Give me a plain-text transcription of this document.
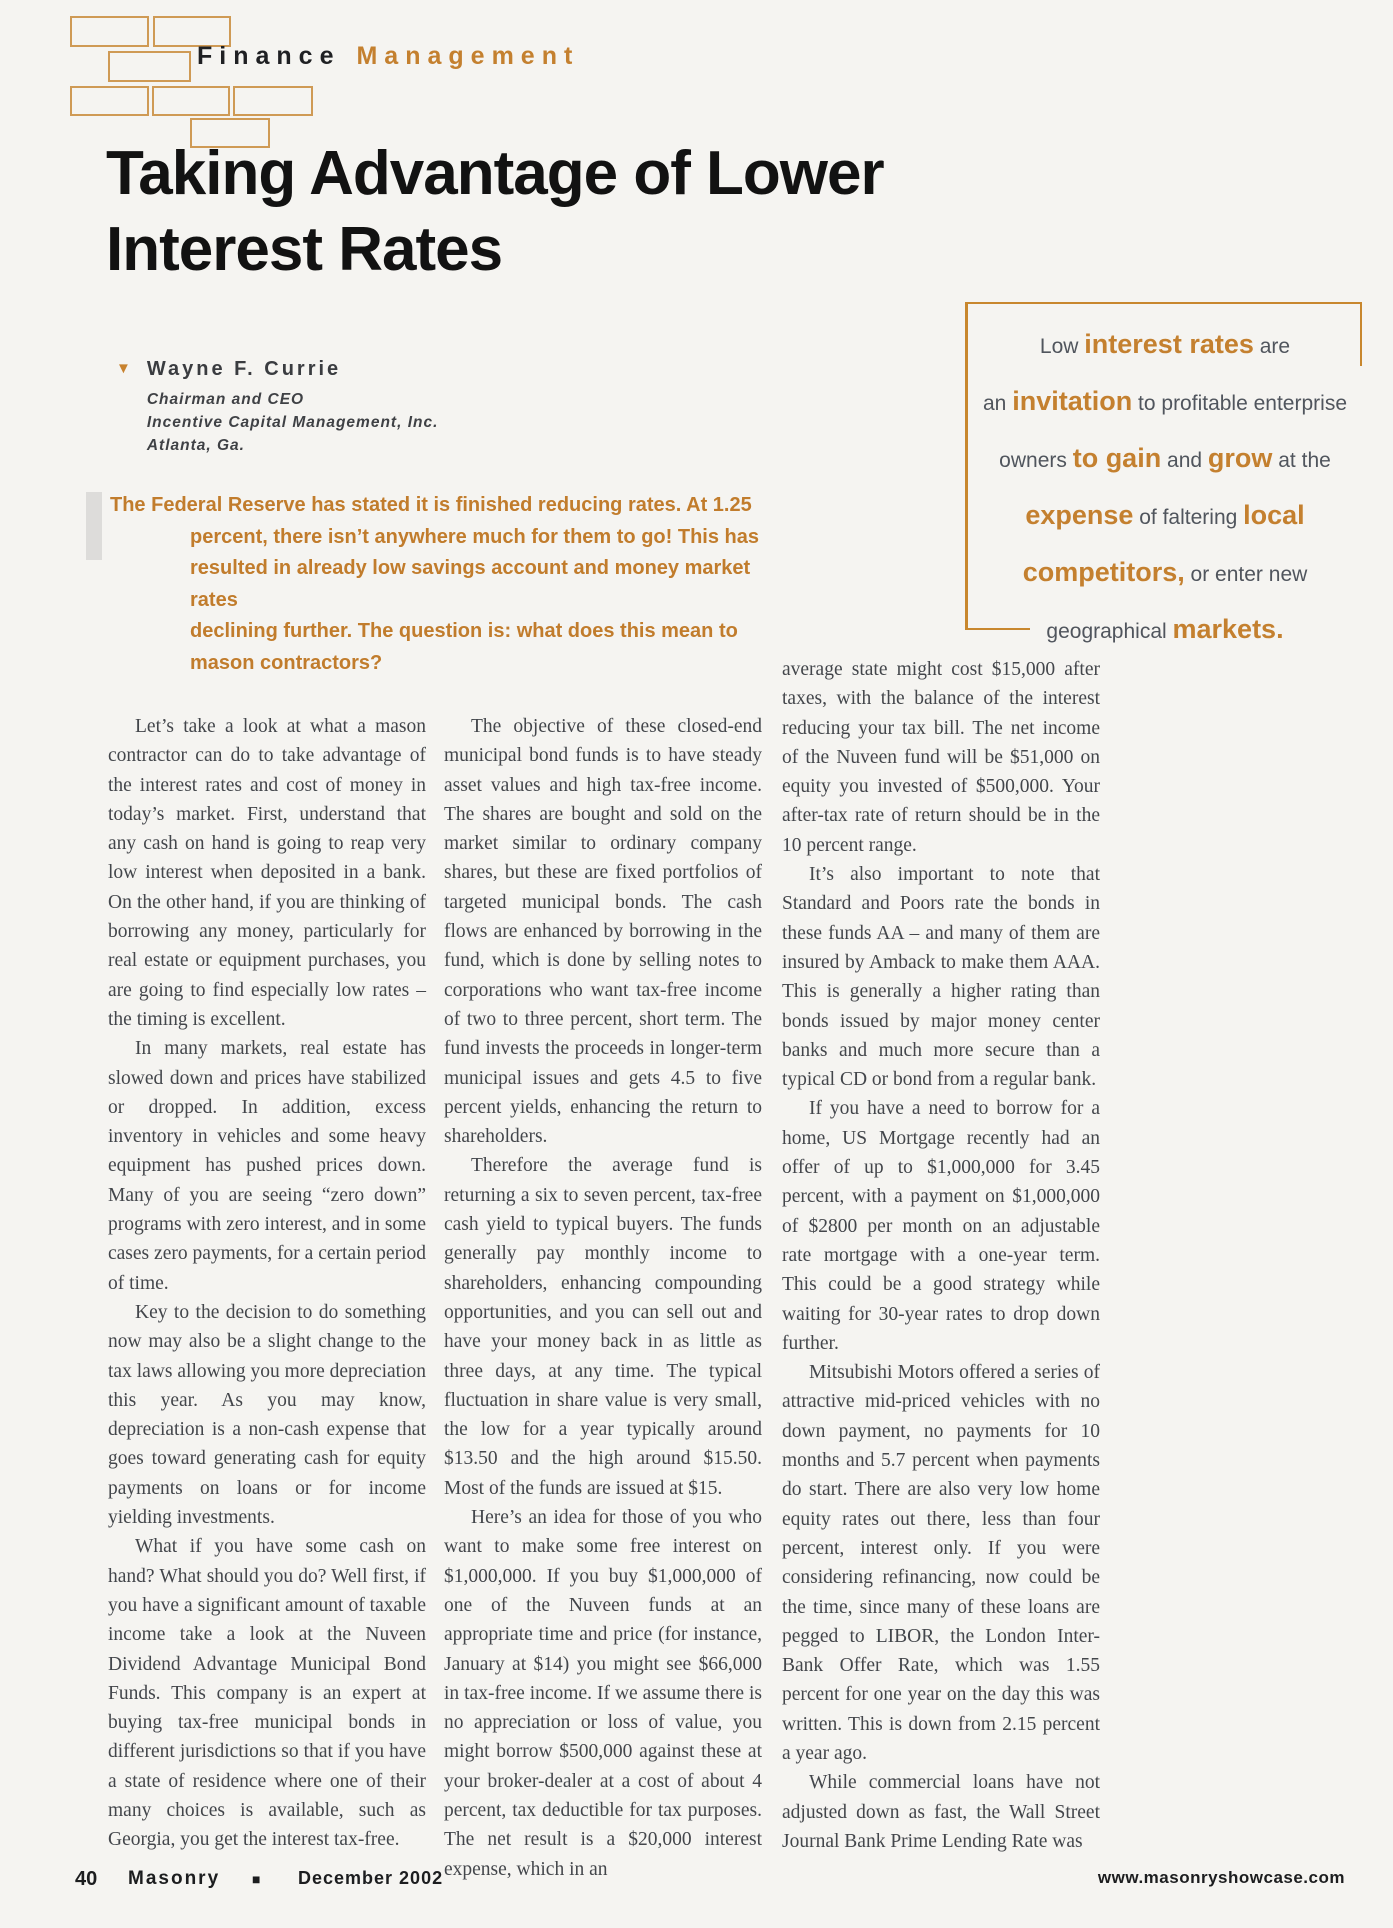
Finance Management
Taking Advantage of Lower
Interest Rates
▼ Wayne F. Currie
Chairman and CEO
Incentive Capital Management, Inc.
Atlanta, Ga.
The Federal Reserve has stated it is finished reducing rates. At 1.25
percent, there isn’t anywhere much for them to go! This has
resulted in already low savings account and money market rates
declining further. The question is: what does this mean to
mason contractors?
Low interest rates are
an invitation to profitable enterprise
owners to gain and grow at the
expense of faltering local
competitors, or enter new
geographical markets.

Let’s take a look at what a mason contractor can do to take advantage of the interest rates and cost of money in today’s market. First, understand that any cash on hand is going to reap very low interest when deposited in a bank. On the other hand, if you are thinking of borrowing any money, particularly for real estate or equipment purchases, you are going to find especially low rates – the timing is excellent.

In many markets, real estate has slowed down and prices have stabilized or dropped. In addition, excess inventory in vehicles and some heavy equipment has pushed prices down. Many of you are seeing “zero down” programs with zero interest, and in some cases zero payments, for a certain period of time.

Key to the decision to do something now may also be a slight change to the tax laws allowing you more depreciation this year. As you may know, depreciation is a non-cash expense that goes toward generating cash for equity payments on loans or for income yielding investments.

What if you have some cash on hand? What should you do? Well first, if you have a significant amount of taxable income take a look at the Nuveen Dividend Advantage Municipal Bond Funds. This company is an expert at buying tax-free municipal bonds in different jurisdictions so that if you have a state of residence where one of their many choices is available, such as Georgia, you get the interest tax-free.

The objective of these closed-end municipal bond funds is to have steady asset values and high tax-free income. The shares are bought and sold on the market similar to ordinary company shares, but these are fixed portfolios of targeted municipal bonds. The cash flows are enhanced by borrowing in the fund, which is done by selling notes to corporations who want tax-free income of two to three percent, short term. The fund invests the proceeds in longer-term municipal issues and gets 4.5 to five percent yields, enhancing the return to shareholders.

Therefore the average fund is returning a six to seven percent, tax-free cash yield to typical buyers. The funds generally pay monthly income to shareholders, enhancing compounding opportunities, and you can sell out and have your money back in as little as three days, at any time. The typical fluctuation in share value is very small, the low for a year typically around $13.50 and the high around $15.50. Most of the funds are issued at $15.

Here’s an idea for those of you who want to make some free interest on $1,000,000. If you buy $1,000,000 of one of the Nuveen funds at an appropriate time and price (for instance, January at $14) you might see $66,000 in tax-free income. If we assume there is no appreciation or loss of value, you might borrow $500,000 against these at your broker-dealer at a cost of about 4 percent, tax deductible for tax purposes. The net result is a $20,000 interest expense, which in an

average state might cost $15,000 after taxes, with the balance of the interest reducing your tax bill. The net income of the Nuveen fund will be $51,000 on equity you invested of $500,000. Your after-tax rate of return should be in the 10 percent range.

It’s also important to note that Standard and Poors rate the bonds in these funds AA – and many of them are insured by Amback to make them AAA. This is generally a higher rating than bonds issued by major money center banks and much more secure than a typical CD or bond from a regular bank.

If you have a need to borrow for a home, US Mortgage recently had an offer of up to $1,000,000 for 3.45 percent, with a payment on $1,000,000 of $2800 per month on an adjustable rate mortgage with a one-year term. This could be a good strategy while waiting for 30-year rates to drop down further.

Mitsubishi Motors offered a series of attractive mid-priced vehicles with no down payment, no payments for 10 months and 5.7 percent when payments do start. There are also very low home equity rates out there, less than four percent, interest only. If you were considering refinancing, now could be the time, since many of these loans are pegged to LIBOR, the London Inter-Bank Offer Rate, which was 1.55 percent for one year on the day this was written. This is down from 2.15 percent a year ago.

While commercial loans have not adjusted down as fast, the Wall Street Journal Bank Prime Lending Rate was

40 Masonry ■ December 2002	www.masonryshowcase.com
